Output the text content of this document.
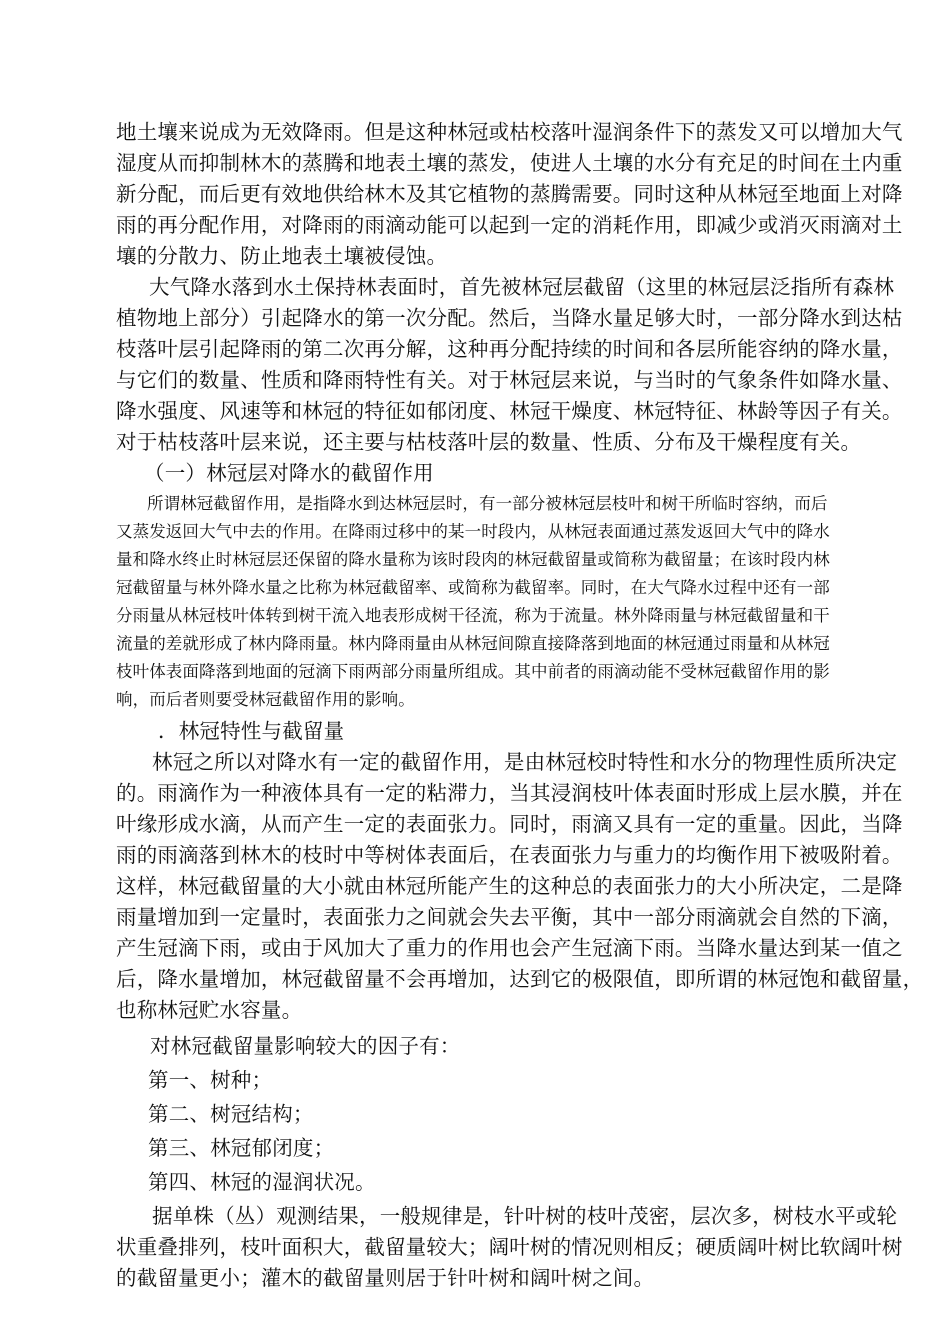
地土壤来说成为无效降雨。但是这种林冠或枯校落叶湿润条件下的蒸发又可以增加大气
湿度从而抑制林木的蒸腾和地表土壤的蒸发，使进人土壤的水分有充足的时间在土内重
新分配，而后更有效地供给林木及其它植物的蒸腾需要。同时这种从林冠至地面上对降
雨的再分配作用，对降雨的雨滴动能可以起到一定的消耗作用，即减少或消灭雨滴对土
壤的分散力、防止地表土壤被侵蚀。
大气降水落到水土保持林表面时，首先被林冠层截留（这里的林冠层泛指所有森林
植物地上部分）引起降水的第一次分配。然后，当降水量足够大时，一部分降水到达枯
枝落叶层引起降雨的第二次再分解，这种再分配持续的时间和各层所能容纳的降水量，
与它们的数量、性质和降雨特性有关。对于林冠层来说，与当时的气象条件如降水量、
降水强度、风速等和林冠的特征如郁闭度、林冠干燥度、林冠特征、林龄等因子有关。
对于枯枝落叶层来说，还主要与枯枝落叶层的数量、性质、分布及干燥程度有关。
（一）林冠层对降水的截留作用
所谓林冠截留作用，是指降水到达林冠层时，有一部分被林冠层枝叶和树干所临时容纳，而后
又蒸发返回大气中去的作用。在降雨过移中的某一时段内，从林冠表面通过蒸发返回大气中的降水
量和降水终止时林冠层还保留的降水量称为该时段肉的林冠截留量或简称为截留量；在该时段内林
冠截留量与林外降水量之比称为林冠截留率、或简称为截留率。同时，在大气降水过程中还有一部
分雨量从林冠枝叶体转到树干流入地表形成树干径流，称为于流量。林外降雨量与林冠截留量和干
流量的差就形成了林内降雨量。林内降雨量由从林冠间隙直接降落到地面的林冠通过雨量和从林冠
枝叶体表面降落到地面的冠滴下雨两部分雨量所组成。其中前者的雨滴动能不受林冠截留作用的影
响，而后者则要受林冠截留作用的影响。
．林冠特性与截留量
林冠之所以对降水有一定的截留作用，是由林冠校时特性和水分的物理性质所决定
的。雨滴作为一种液体具有一定的粘滞力，当其浸润枝叶体表面时形成上层水膜，并在
叶缘形成水滴，从而产生一定的表面张力。同时，雨滴又具有一定的重量。因此，当降
雨的雨滴落到林木的枝时中等树体表面后，在表面张力与重力的均衡作用下被吸附着。
这样，林冠截留量的大小就由林冠所能产生的这种总的表面张力的大小所决定，二是降
雨量增加到一定量时，表面张力之间就会失去平衡，其中一部分雨滴就会自然的下滴，
产生冠滴下雨，或由于风加大了重力的作用也会产生冠滴下雨。当降水量达到某一值之
后，降水量增加，林冠截留量不会再增加，达到它的极限值，即所谓的林冠饱和截留量，
也称林冠贮水容量。
对林冠截留量影响较大的因子有：
第一、树种；
第二、树冠结构；
第三、林冠郁闭度；
第四、林冠的湿润状况。
据单株（丛）观测结果，一般规律是，针叶树的枝叶茂密，层次多，树枝水平或轮
状重叠排列，枝叶面积大，截留量较大；阔叶树的情况则相反；硬质阔叶树比软阔叶树
的截留量更小；灌木的截留量则居于针叶树和阔叶树之间。
